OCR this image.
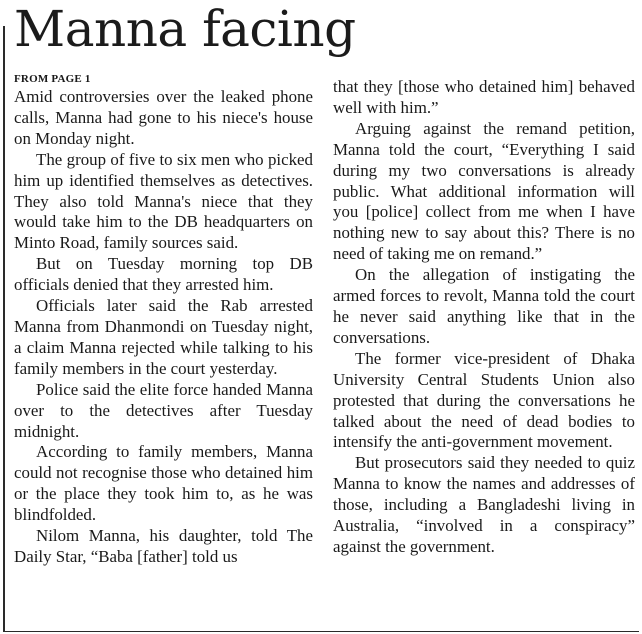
Manna facing
FROM PAGE 1

Amid controversies over the leaked phone calls, Manna had gone to his niece's house on Monday night.

The group of five to six men who picked him up identified themselves as detectives. They also told Manna's niece that they would take him to the DB headquarters on Minto Road, family sources said.

But on Tuesday morning top DB officials denied that they arrested him.

Officials later said the Rab arrested Manna from Dhanmondi on Tuesday night, a claim Manna rejected while talking to his family members in the court yesterday.

Police said the elite force handed Manna over to the detectives after Tuesday midnight.

According to family members, Manna could not recognise those who detained him or the place they took him to, as he was blindfolded.

Nilom Manna, his daughter, told The Daily Star, “Baba [father] told us

that they [those who detained him] behaved well with him.”

Arguing against the remand petition, Manna told the court, “Everything I said during my two conversations is already public. What additional information will you [police] collect from me when I have nothing new to say about this? There is no need of taking me on remand.”

On the allegation of instigating the armed forces to revolt, Manna told the court he never said anything like that in the conversations.

The former vice-president of Dhaka University Central Students Union also protested that during the conversations he talked about the need of dead bodies to intensify the anti-government movement.

But prosecutors said they needed to quiz Manna to know the names and addresses of those, including a Bangladeshi living in Australia, “involved in a conspiracy” against the government.
